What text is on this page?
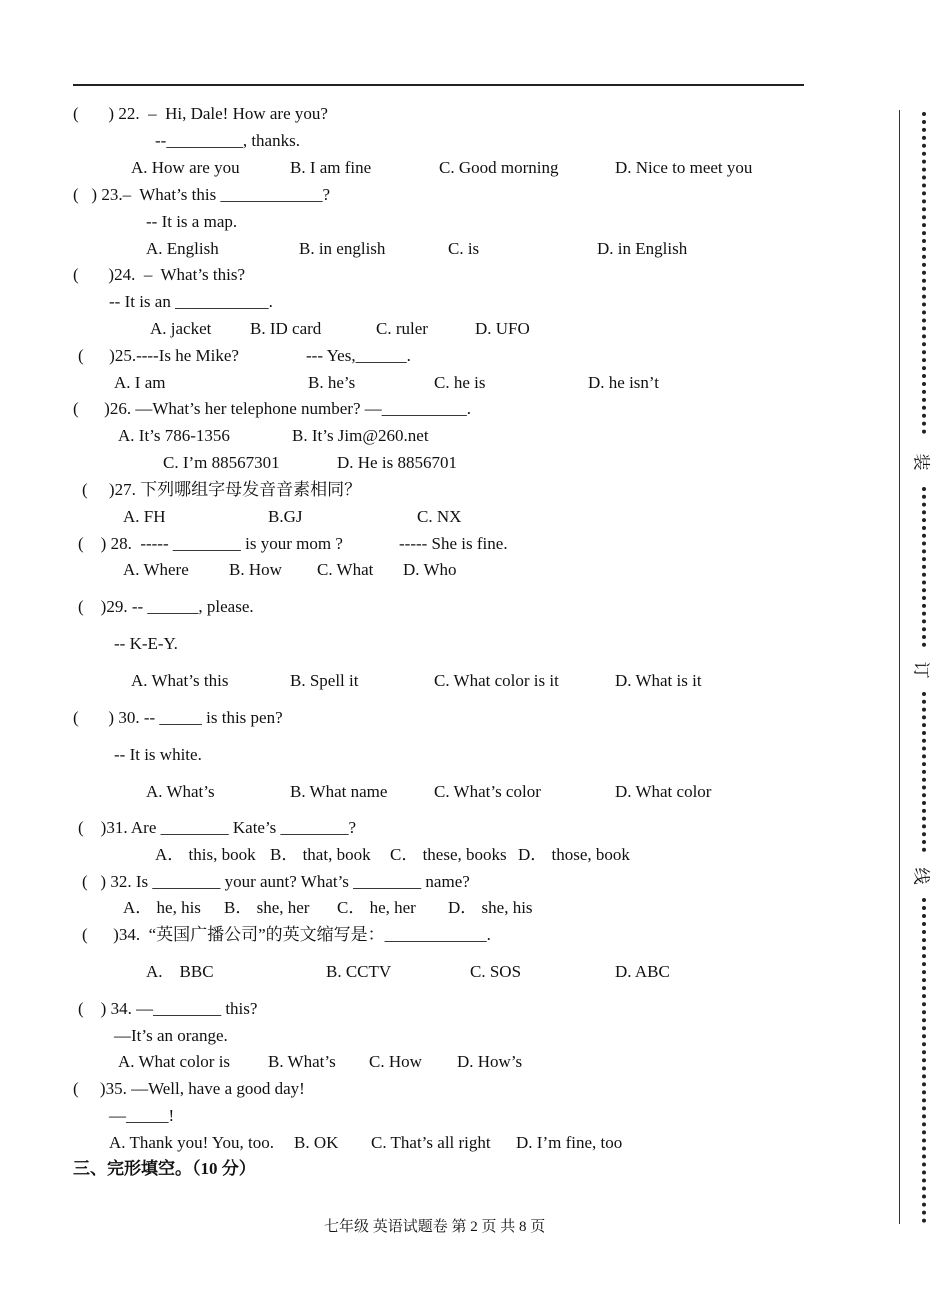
(       ) 22.  –  Hi, Dale! How are you?
--_________, thanks.
A. How are you	B. I am fine	C. Good morning	D. Nice to meet you
(   ) 23.–  What’s this ____________?
-- It is a map.
A. English	B. in english	C. is	D. in English
(       )24.  –  What’s this?
-- It is an ___________.
A. jacket B. ID card	C. ruler	D. UFO
(      )25.----Is he Mike?	--- Yes,______.
A. I am	B. he’s	C. he is	D. he isn’t
(      )26. —What’s her telephone number? —__________.
A. It’s 786-1356	B. It’s Jim@260.net
C. I’m 88567301	D. He is 8856701
(     )27. 下列哪组字母发音音素相同？
A. FH	B.GJ	C. NX
(    ) 28.  ----- ________ is your mom ?	----- She is fine.
A. Where B. How C. What D. Who
(    )29. -- ______, please.
-- K-E-Y.
A. What’s this	B. Spell it	C. What color is it	D. What is it
(       ) 30. -- _____ is this pen?
-- It is white.
A. What’s	B. What name	C. What’s color	D. What color
(    )31. Are ________ Kate’s ________?
A． this, book B． that, book C． these, books D． those, book
(   ) 32. Is ________ your aunt? What’s ________ name?
A． he, his B． she, her C． he, her D． she, his
(      )34.  “英国广播公司”的英文缩写是：____________.
A.    BBC	B. CCTV	C. SOS	D. ABC
(    ) 34. —________ this?
—It’s an orange.
A. What color is B. What’s C. How D. How’s
(     )35. —Well, have a good day!
—_____!
A. Thank you! You, too. B. OK C. That’s all right D. I’m fine, too
三、完形填空。（10 分）
七年级 英语试题卷 第 2 页 共 8 页
装
订
线
